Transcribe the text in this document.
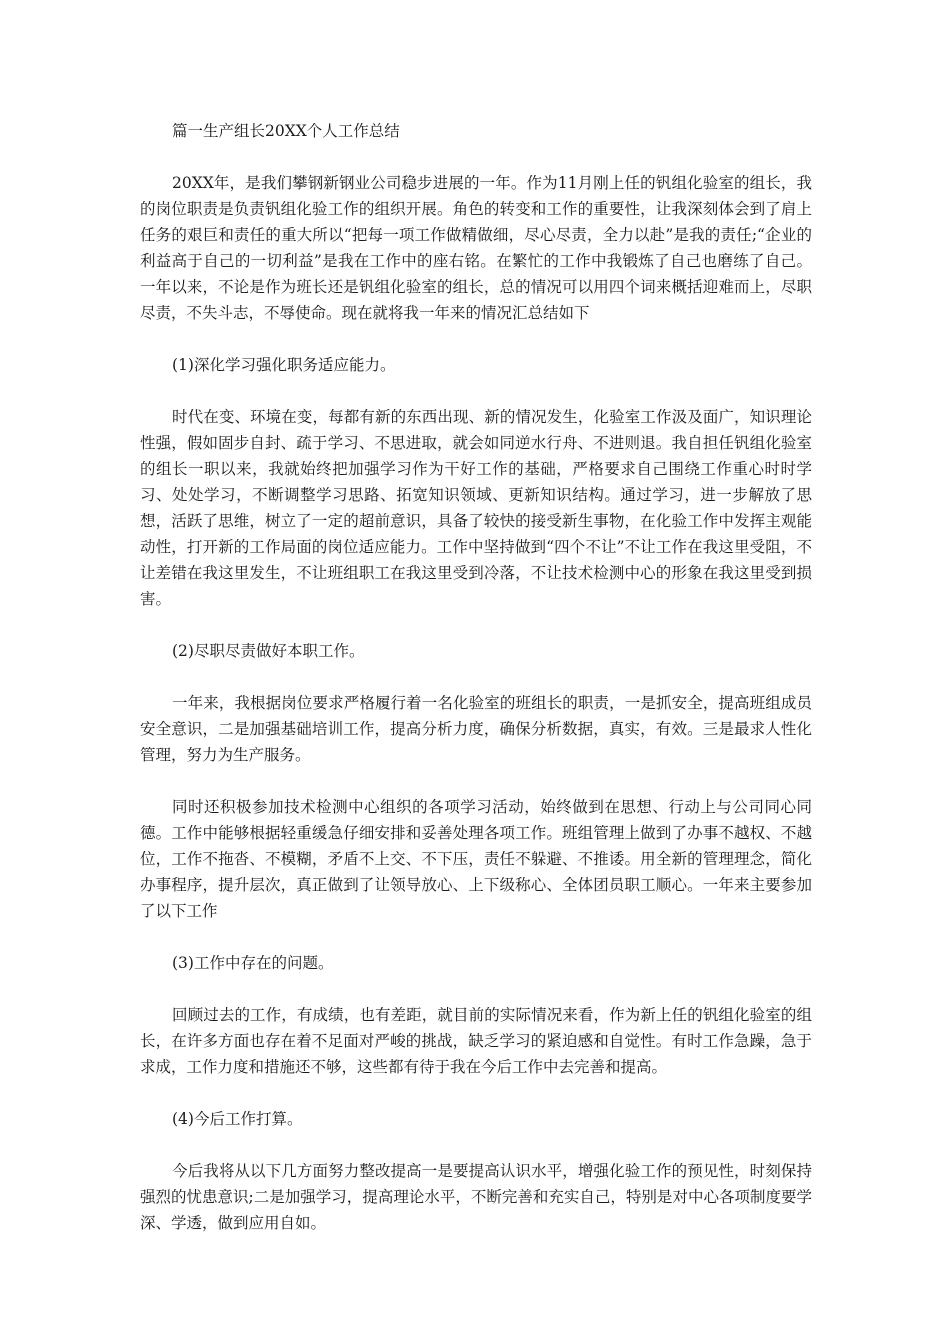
篇一生产组长20XX个人工作总结

20XX年，是我们攀钢新钢业公司稳步进展的一年。作为11月刚上任的钒组化验室的组长，我的岗位职责是负责钒组化验工作的组织开展。角色的转变和工作的重要性，让我深刻体会到了肩上任务的艰巨和责任的重大所以“把每一项工作做精做细，尽心尽责，全力以赴”是我的责任;“企业的利益高于自己的一切利益”是我在工作中的座右铭。在繁忙的工作中我锻炼了自己也磨练了自己。一年以来，不论是作为班长还是钒组化验室的组长，总的情况可以用四个词来概括迎难而上，尽职尽责，不失斗志，不辱使命。现在就将我一年来的情况汇总结如下

(1)深化学习强化职务适应能力。

时代在变、环境在变，每都有新的东西出现、新的情况发生，化验室工作汲及面广，知识理论性强，假如固步自封、疏于学习、不思进取，就会如同逆水行舟、不进则退。我自担任钒组化验室的组长一职以来，我就始终把加强学习作为干好工作的基础，严格要求自己围绕工作重心时时学习、处处学习，不断调整学习思路、拓宽知识领域、更新知识结构。通过学习，进一步解放了思想，活跃了思维，树立了一定的超前意识，具备了较快的接受新生事物，在化验工作中发挥主观能动性，打开新的工作局面的岗位适应能力。工作中坚持做到“四个不让”不让工作在我这里受阻，不让差错在我这里发生，不让班组职工在我这里受到冷落，不让技术检测中心的形象在我这里受到损害。

(2)尽职尽责做好本职工作。

一年来，我根据岗位要求严格履行着一名化验室的班组长的职责，一是抓安全，提高班组成员安全意识，二是加强基础培训工作，提高分析力度，确保分析数据，真实，有效。三是最求人性化管理，努力为生产服务。

同时还积极参加技术检测中心组织的各项学习活动，始终做到在思想、行动上与公司同心同德。工作中能够根据轻重缓急仔细安排和妥善处理各项工作。班组管理上做到了办事不越权、不越位，工作不拖沓、不模糊，矛盾不上交、不下压，责任不躲避、不推诿。用全新的管理理念，简化办事程序，提升层次，真正做到了让领导放心、上下级称心、全体团员职工顺心。一年来主要参加了以下工作

(3)工作中存在的问题。

回顾过去的工作，有成绩，也有差距，就目前的实际情况来看，作为新上任的钒组化验室的组长，在许多方面也存在着不足面对严峻的挑战，缺乏学习的紧迫感和自觉性。有时工作急躁，急于求成，工作力度和措施还不够，这些都有待于我在今后工作中去完善和提高。

(4)今后工作打算。

今后我将从以下几方面努力整改提高一是要提高认识水平，增强化验工作的预见性，时刻保持强烈的忧患意识;二是加强学习，提高理论水平，不断完善和充实自己，特别是对中心各项制度要学深、学透，做到应用自如。
